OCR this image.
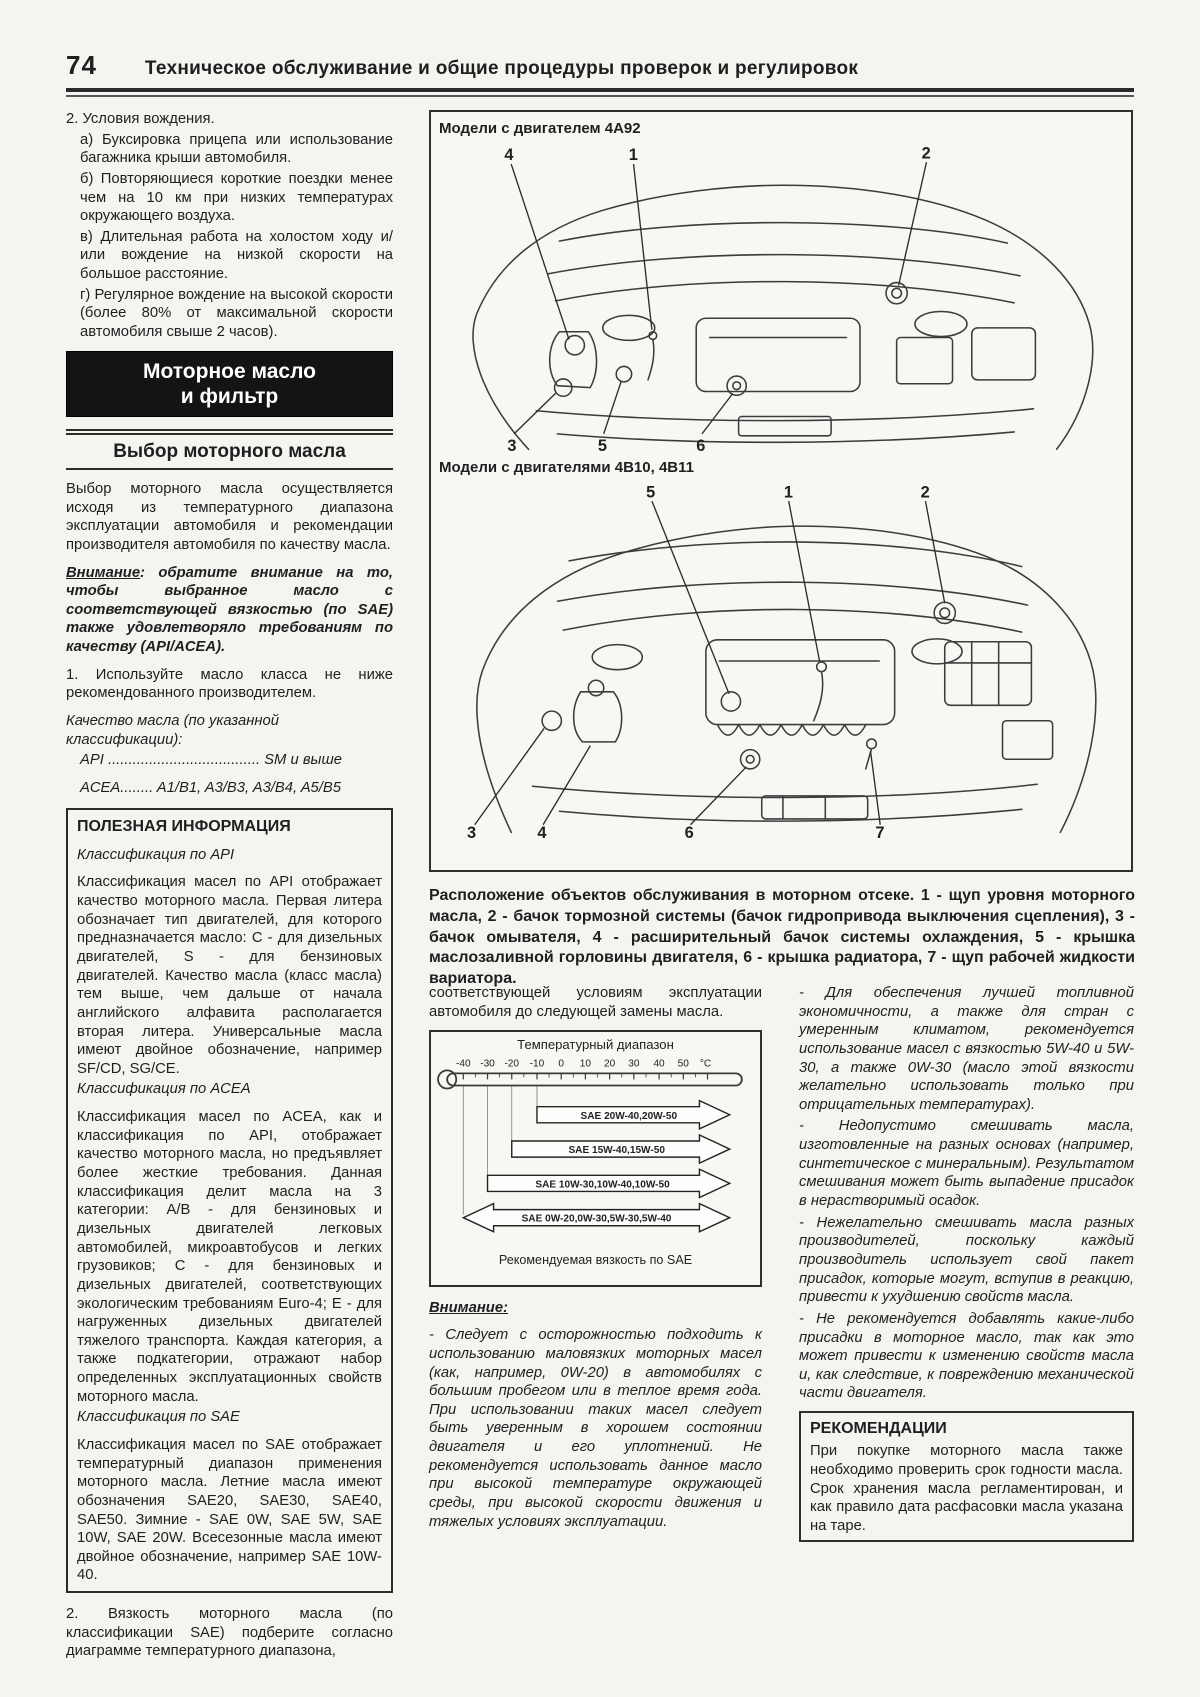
74	Техническое обслуживание и общие процедуры проверок и регулировок

2. Условия вождения.

а) Буксировка прицепа или использование багажника крыши автомобиля.

б) Повторяющиеся короткие поездки менее чем на 10 км при низких температурах окружающего воздуха.

в) Длительная работа на холостом ходу и/или вождение на низкой скорости на большое расстояние.

г) Регулярное вождение на высокой скорости (более 80% от максимальной скорости автомобиля свыше 2 часов).

Моторное масло
и фильтр
Выбор моторного масла

Выбор моторного масла осуществляется исходя из температурного диапазона эксплуатации автомобиля и рекомендации производителя автомобиля по качеству масла.

Внимание: обратите внимание на то, чтобы выбранное масло с соответствующей вязкостью (по SAE) также удовлетворяло требованиям по качеству (API/ACEA).

1. Используйте масло класса не ниже рекомендованного производителем.

Качество масла (по указанной классификации):

API ..................................... SM и выше

ACEA........ A1/B1, A3/B3, A3/B4, A5/B5

ПОЛЕЗНАЯ ИНФОРМАЦИЯ

Классификация по API

Классификация масел по API отображает качество моторного масла. Первая литера обозначает тип двигателей, для которого предназначается масло: C - для дизельных двигателей, S - для бензиновых двигателей. Качество масла (класс масла) тем выше, чем дальше от начала английского алфавита располагается вторая литера. Универсальные масла имеют двойное обозначение, например SF/CD, SG/CE.

Классификация по ACEA

Классификация масел по ACEA, как и классификация по API, отображает качество моторного масла, но предъявляет более жесткие требования. Данная классификация делит масла на 3 категории: A/B - для бензиновых и дизельных двигателей легковых автомобилей, микроавтобусов и легких грузовиков; C - для бензиновых и дизельных двигателей, соответствующих экологическим требованиям Euro-4; E - для нагруженных дизельных двигателей тяжелого транспорта. Каждая категория, а также подкатегории, отражают набор определенных эксплуатационных свойств моторного масла.

Классификация по SAE

Классификация масел по SAE отображает температурный диапазон применения моторного масла. Летние масла имеют обозначения SAE20, SAE30, SAE40, SAE50. Зимние - SAE 0W, SAE 5W, SAE 10W, SAE 20W. Всесезонные масла имеют двойное обозначение, например SAE 10W-40.

2. Вязкость моторного масла (по классификации SAE) подберите согласно диаграмме температурного диапазона,

Модели с двигателем 4A92
4	1	2
3	5	6
Модели с двигателями 4B10, 4B11
5	1	2
3	4	6	7
Расположение объектов обслуживания в моторном отсеке. 1 - щуп уровня моторного масла, 2 - бачок тормозной системы (бачок гидропривода выключения сцепления), 3 - бачок омывателя, 4 - расширительный бачок системы охлаждения, 5 - крышка маслозаливной горловины двигателя, 6 - крышка радиатора, 7 - щуп рабочей жидкости вариатора.

соответствующей условиям эксплуатации автомобиля до следующей замены масла.

Температурный диапазон
-40 -30 -20 -10 0 10 20 30 40 50 °C
SAE 20W-40,20W-50
SAE 15W-40,15W-50
SAE 10W-30,10W-40,10W-50
SAE 0W-20,0W-30,5W-30,5W-40
Рекомендуемая вязкость по SAE

Внимание:

- Следует с осторожностью подходить к использованию маловязких моторных масел (как, например, 0W-20) в автомобилях с большим пробегом или в теплое время года. При использовании таких масел следует быть уверенным в хорошем состоянии двигателя и его уплотнений. Не рекомендуется использовать данное масло при высокой температуре окружающей среды, при высокой скорости движения и тяжелых условиях эксплуатации.

- Для обеспечения лучшей топливной экономичности, а также для стран с умеренным климатом, рекомендуется использование масел с вязкостью 5W-40 и 5W-30, а также 0W-30 (масло этой вязкости желательно использовать только при отрицательных температурах).

- Недопустимо смешивать масла, изготовленные на разных основах (например, синтетическое с минеральным). Результатом смешивания может быть выпадение присадок в нерастворимый осадок.

- Нежелательно смешивать масла разных производителей, поскольку каждый производитель использует свой пакет присадок, которые могут, вступив в реакцию, привести к ухудшению свойств масла.

- Не рекомендуется добавлять какие-либо присадки в моторное масло, так как это может привести к изменению свойств масла и, как следствие, к повреждению механической части двигателя.

РЕКОМЕНДАЦИИ

При покупке моторного масла также необходимо проверить срок годности масла. Срок хранения масла регламентирован, и как правило дата расфасовки масла указана на таре.
